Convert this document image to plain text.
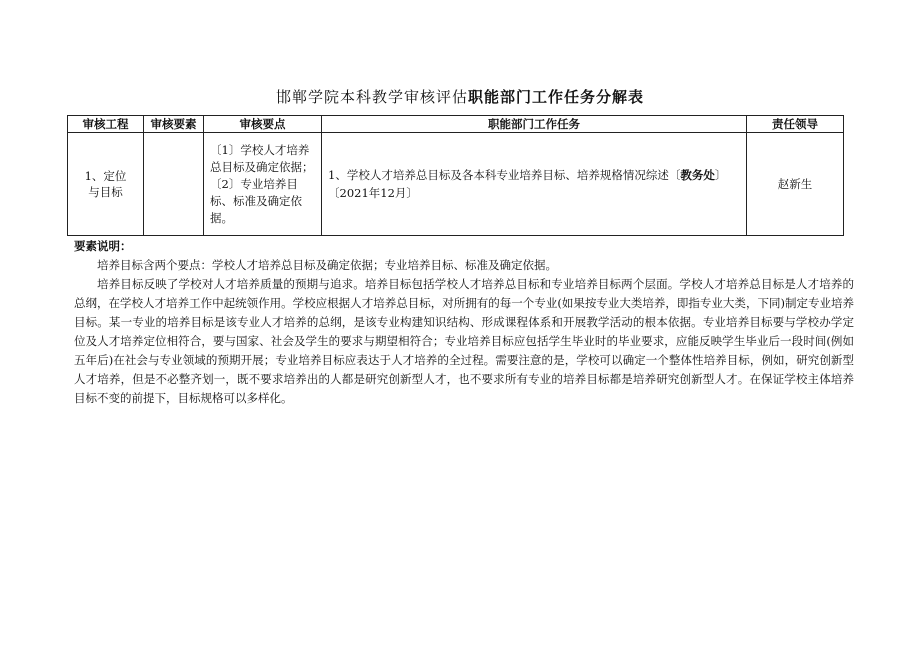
邯郸学院本科教学审核评估职能部门工作任务分解表
审核工程	审核要素	审核要点	职能部门工作任务	责任领导

1、定位
与目标		〔1〕学校人才培养总目标及确定依据；〔2〕专业培养目标、标准及确定依据。	1、学校人才培养总目标及各本科专业培养目标、培养规格情况综述〔教务处〕〔2021年12月〕	赵新生
要素说明：

培养目标含两个要点：学校人才培养总目标及确定依据；专业培养目标、标准及确定依据。

培养目标反映了学校对人才培养质量的预期与追求。培养目标包括学校人才培养总目标和专业培养目标两个层面。学校人才培养总目标是人才培养的总纲，在学校人才培养工作中起统领作用。学校应根据人才培养总目标，对所拥有的每一个专业(如果按专业大类培养，即指专业大类，下同)制定专业培养目标。某一专业的培养目标是该专业人才培养的总纲，是该专业构建知识结构、形成课程体系和开展教学活动的根本依据。专业培养目标要与学校办学定位及人才培养定位相符合，要与国家、社会及学生的要求与期望相符合；专业培养目标应包括学生毕业时的毕业要求，应能反映学生毕业后一段时间(例如五年后)在社会与专业领域的预期开展；专业培养目标应表达于人才培养的全过程。需要注意的是，学校可以确定一个整体性培养目标，例如，研究创新型人才培养，但是不必整齐划一，既不要求培养出的人都是研究创新型人才，也不要求所有专业的培养目标都是培养研究创新型人才。在保证学校主体培养目标不变的前提下，目标规格可以多样化。
